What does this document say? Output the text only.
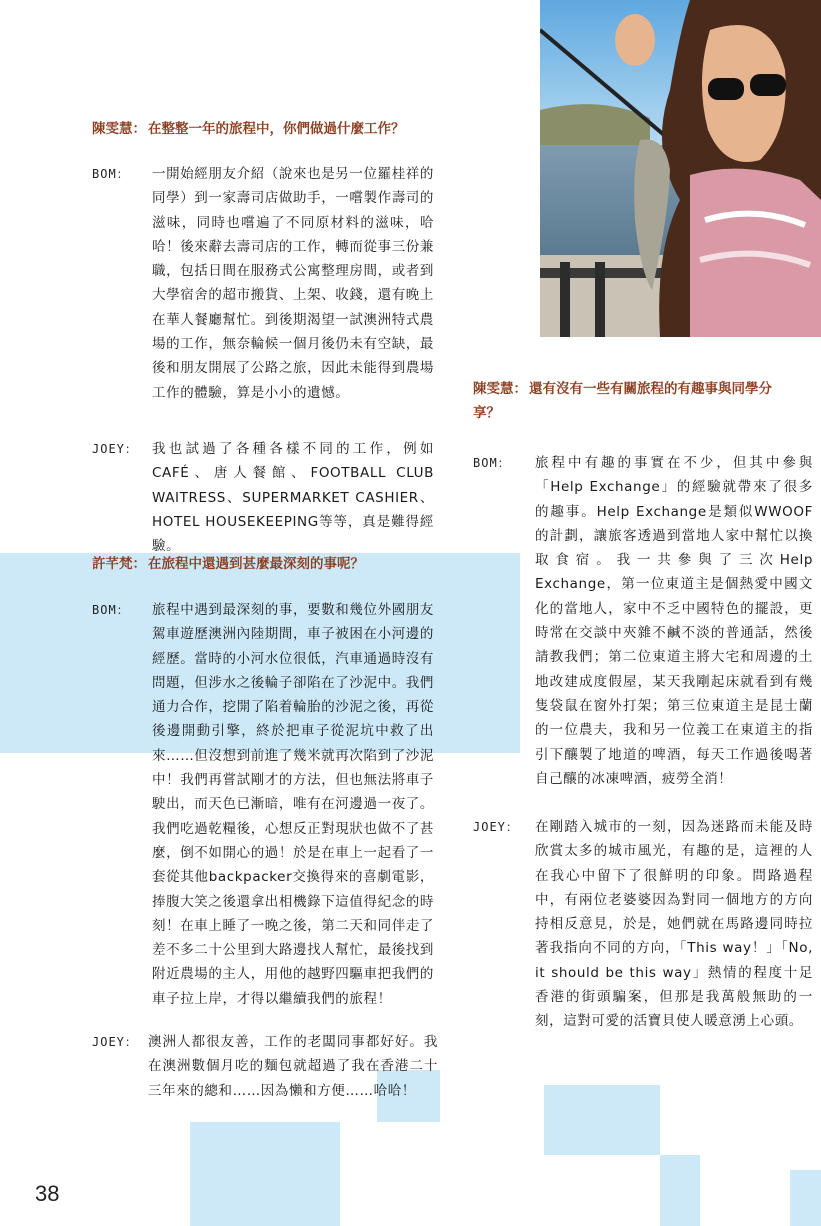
陳雯慧： 在整整一年的旅程中，你們做過什麼工作？

BOM： 一開始經朋友介紹（說來也是另一位羅桂祥的同學）到一家壽司店做助手，一嚐製作壽司的滋味，同時也嚐遍了不同原材料的滋味，哈哈！後來辭去壽司店的工作，轉而從事三份兼職，包括日間在服務式公寓整理房間，或者到大學宿舍的超市搬貨、上架、收錢，還有晚上在華人餐廳幫忙。到後期渴望一試澳洲特式農場的工作，無奈輪候一個月後仍未有空缺，最後和朋友開展了公路之旅，因此未能得到農場工作的體驗，算是小小的遺憾。

JOEY： 我也試過了各種各樣不同的工作，例如CAFÉ、唐人餐館、FOOTBALL CLUB WAITRESS、SUPERMARKET CASHIER、HOTEL HOUSEKEEPING等等，真是難得經驗。

許芊梵： 在旅程中還遇到甚麼最深刻的事呢？

BOM： 旅程中遇到最深刻的事，要數和幾位外國朋友駕車遊歷澳洲內陸期間，車子被困在小河邊的經歷。當時的小河水位很低，汽車通過時沒有問題，但涉水之後輪子卻陷在了沙泥中。我們通力合作，挖開了陷着輪胎的沙泥之後，再從後邊開動引擎，終於把車子從泥坑中救了出來……但沒想到前進了幾米就再次陷到了沙泥中！我們再嘗試剛才的方法，但也無法將車子駛出，而天色已漸暗，唯有在河邊過一夜了。我們吃過乾糧後，心想反正對現狀也做不了甚麼，倒不如開心的過！於是在車上一起看了一套從其他backpacker交換得來的喜劇電影，捧腹大笑之後還拿出相機錄下這值得紀念的時刻！在車上睡了一晚之後，第二天和同伴走了差不多二十公里到大路邊找人幫忙，最後找到附近農場的主人，用他的越野四驅車把我們的車子拉上岸，才得以繼續我們的旅程！

JOEY： 澳洲人都很友善，工作的老闆同事都好好。我在澳洲數個月吃的麵包就超過了我在香港二十三年來的總和……因為懶和方便……哈哈！

陳雯慧： 還有沒有一些有關旅程的有趣事與同學分享？

BOM： 旅程中有趣的事實在不少，但其中參與「Help Exchange」的經驗就帶來了很多的趣事。Help Exchange是類似WWOOF的計劃，讓旅客透過到當地人家中幫忙以換取食宿。我一共參與了三次Help Exchange，第一位東道主是個熱愛中國文化的當地人，家中不乏中國特色的擺設，更時常在交談中夾雜不鹹不淡的普通話，然後請教我們；第二位東道主將大宅和周邊的土地改建成度假屋，某天我剛起床就看到有幾隻袋鼠在窗外打架；第三位東道主是昆士蘭的一位農夫，我和另一位義工在東道主的指引下釀製了地道的啤酒，每天工作過後喝著自己釀的冰凍啤酒，疲勞全消！

JOEY： 在剛踏入城市的一刻，因為迷路而未能及時欣賞太多的城市風光，有趣的是，這裡的人在我心中留下了很鮮明的印象。問路過程中，有兩位老婆婆因為對同一個地方的方向持相反意見，於是，她們就在馬路邊同時拉著我指向不同的方向，「This way！」「No, it should be this way」熱情的程度十足香港的街頭騙案，但那是我萬般無助的一刻，這對可愛的活寶貝使人暖意湧上心頭。

38
